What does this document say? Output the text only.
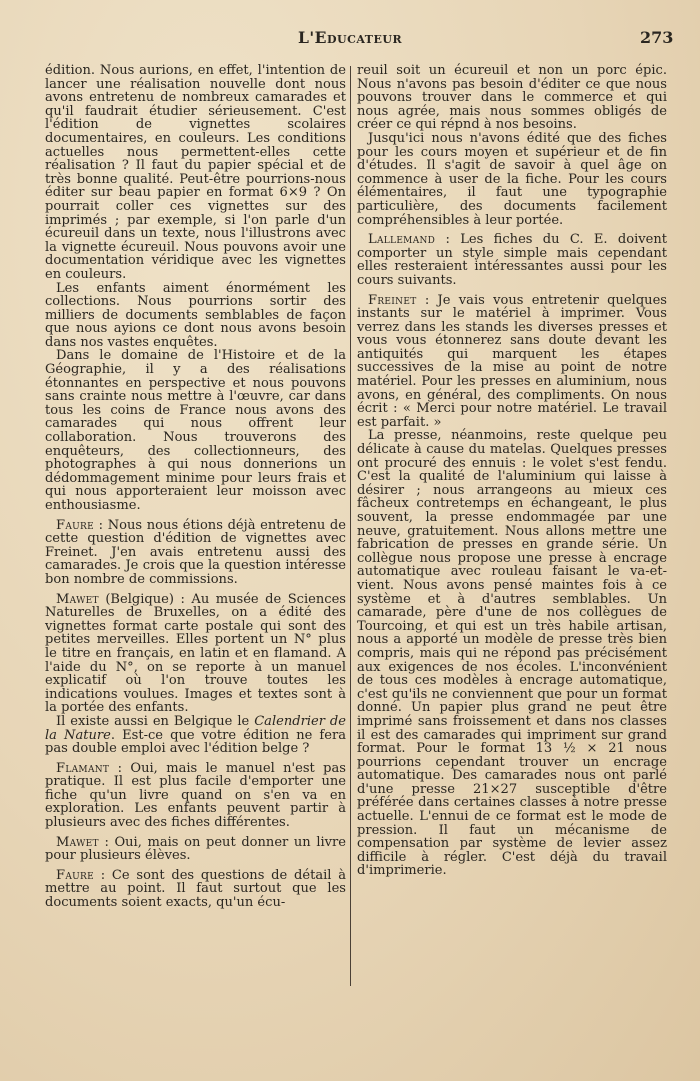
L'Educateur	273

édition. Nous aurions, en effet, l'intention de lancer une réalisation nouvelle dont nous avons entretenu de nombreux camarades et qu'il faudrait étudier sérieusement. C'est l'édition de vignettes scolaires documentaires, en couleurs. Les conditions actuelles nous permettent-elles cette réalisation ? Il faut du papier spécial et de très bonne qualité. Peut-être pourrions-nous éditer sur beau papier en format 6×9 ? On pourrait coller ces vignettes sur des imprimés ; par exemple, si l'on parle d'un écureuil dans un texte, nous l'illustrons avec la vignette écureuil. Nous pouvons avoir une documentation véridique avec les vignettes en couleurs.

Les enfants aiment énormément les collections. Nous pourrions sortir des milliers de documents semblables de façon que nous ayions ce dont nous avons besoin dans nos vastes enquêtes.

Dans le domaine de l'Histoire et de la Géographie, il y a des réalisations étonnantes en perspective et nous pouvons sans crainte nous mettre à l'œuvre, car dans tous les coins de France nous avons des camarades qui nous offrent leur collaboration. Nous trouverons des enquêteurs, des collectionneurs, des photographes à qui nous donnerions un dédommagement minime pour leurs frais et qui nous apporteraient leur moisson avec enthousiasme.

Faure : Nous nous étions déjà entretenu de cette question d'édition de vignettes avec Freinet. J'en avais entretenu aussi des camarades. Je crois que la question intéresse bon nombre de commissions.

Mawet (Belgique) : Au musée de Sciences Naturelles de Bruxelles, on a édité des vignettes format carte postale qui sont des petites merveilles. Elles portent un N° plus le titre en français, en latin et en flamand. A l'aide du N°, on se reporte à un manuel explicatif où l'on trouve toutes les indications voulues. Images et textes sont à la portée des enfants.

Il existe aussi en Belgique le Calendrier de la Nature. Est-ce que votre édition ne fera pas double emploi avec l'édition belge ?

Flamant : Oui, mais le manuel n'est pas pratique. Il est plus facile d'emporter une fiche qu'un livre quand on s'en va en exploration. Les enfants peuvent partir à plusieurs avec des fiches différentes.

Mawet : Oui, mais on peut donner un livre pour plusieurs élèves.

Faure : Ce sont des questions de détail à mettre au point. Il faut surtout que les documents soient exacts, qu'un écu-

reuil soit un écureuil et non un porc épic. Nous n'avons pas besoin d'éditer ce que nous pouvons trouver dans le commerce et qui nous agrée, mais nous sommes obligés de créer ce qui répnd à nos besoins.

Jusqu'ici nous n'avons édité que des fiches pour les cours moyen et supérieur et de fin d'études. Il s'agit de savoir à quel âge on commence à user de la fiche. Pour les cours élémentaires, il faut une typographie particulière, des documents facilement compréhensibles à leur portée.

Lallemand : Les fiches du C. E. doivent comporter un style simple mais cependant elles resteraient intéressantes aussi pour les cours suivants.

Freinet : Je vais vous entretenir quelques instants sur le matériel à imprimer. Vous verrez dans les stands les diverses presses et vous vous étonnerez sans doute devant les antiquités qui marquent les étapes successives de la mise au point de notre matériel. Pour les presses en aluminium, nous avons, en général, des compliments. On nous écrit : « Merci pour notre matériel. Le travail est parfait. »

La presse, néanmoins, reste quelque peu délicate à cause du matelas. Quelques presses ont procuré des ennuis : le volet s'est fendu. C'est la qualité de l'aluminium qui laisse à désirer ; nous arrangeons au mieux ces fâcheux contretemps en échangeant, le plus souvent, la presse endommagée par une neuve, gratuitement. Nous allons mettre une fabrication de presses en grande série. Un collègue nous propose une presse à encrage automatique avec rouleau faisant le va-et-vient. Nous avons pensé maintes fois à ce système et à d'autres semblables. Un camarade, père d'une de nos collègues de Tourcoing, et qui est un très habile artisan, nous a apporté un modèle de presse très bien compris, mais qui ne répond pas précisément aux exigences de nos écoles. L'inconvénient de tous ces modèles à encrage automatique, c'est qu'ils ne conviennent que pour un format donné. Un papier plus grand ne peut être imprimé sans froissement et dans nos classes il est des camarades qui impriment sur grand format. Pour le format 13 ½ × 21 nous pourrions cependant trouver un encrage automatique. Des camarades nous ont parlé d'une presse 21×27 susceptible d'être préférée dans certaines classes à notre presse actuelle. L'ennui de ce format est le mode de pression. Il faut un mécanisme de compensation par système de levier assez difficile à régler. C'est déjà du travail d'imprimerie.
